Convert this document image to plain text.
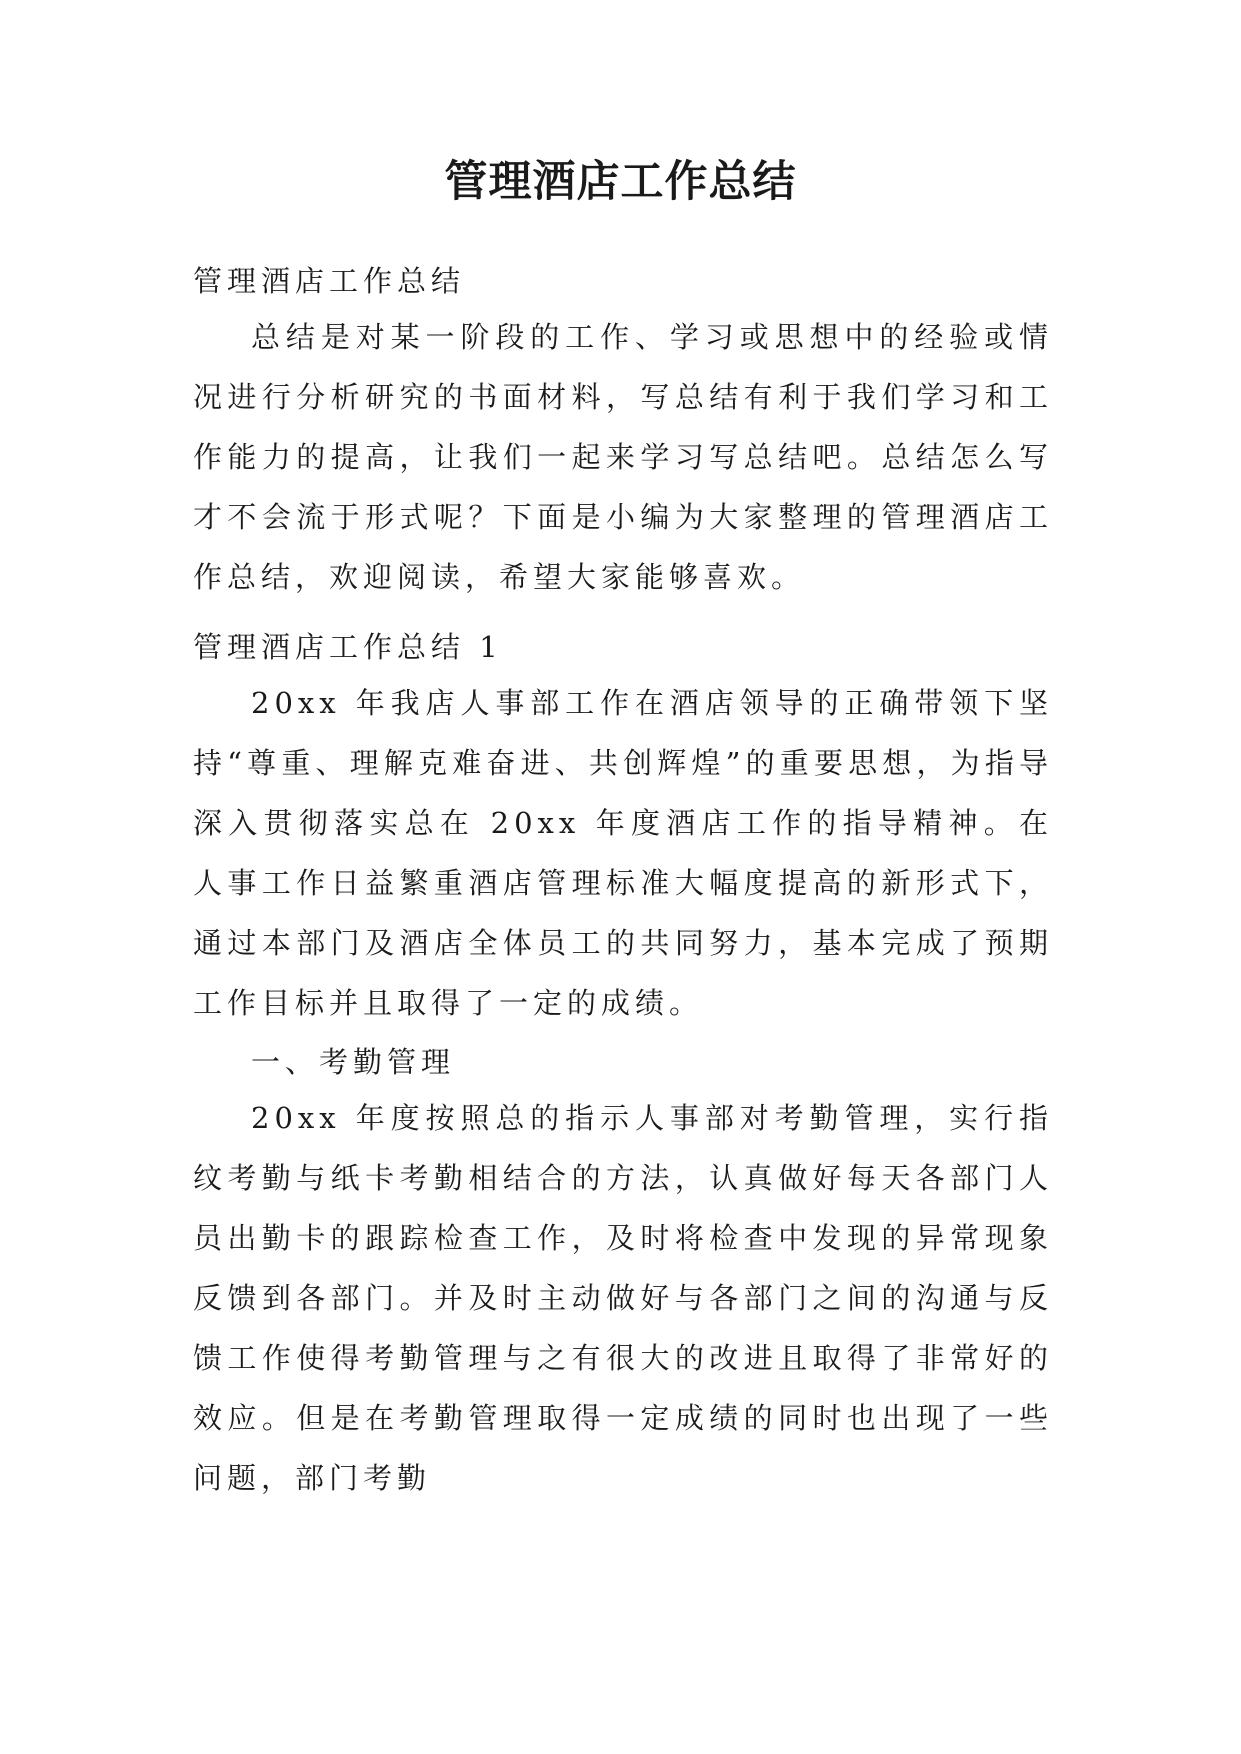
管理酒店工作总结

管理酒店工作总结

总结是对某一阶段的工作、学习或思想中的经验或情况进行分析研究的书面材料，写总结有利于我们学习和工作能力的提高，让我们一起来学习写总结吧。总结怎么写才不会流于形式呢？下面是小编为大家整理的管理酒店工作总结，欢迎阅读，希望大家能够喜欢。

管理酒店工作总结 1

20xx 年我店人事部工作在酒店领导的正确带领下坚持“尊重、理解克难奋进、共创辉煌”的重要思想，为指导深入贯彻落实总在 20xx 年度酒店工作的指导精神。在人事工作日益繁重酒店管理标准大幅度提高的新形式下，通过本部门及酒店全体员工的共同努力，基本完成了预期工作目标并且取得了一定的成绩。

一、考勤管理

20xx 年度按照总的指示人事部对考勤管理，实行指纹考勤与纸卡考勤相结合的方法，认真做好每天各部门人员出勤卡的跟踪检查工作，及时将检查中发现的异常现象反馈到各部门。并及时主动做好与各部门之间的沟通与反馈工作使得考勤管理与之有很大的改进且取得了非常好的效应。但是在考勤管理取得一定成绩的同时也出现了一些问题，部门考勤
